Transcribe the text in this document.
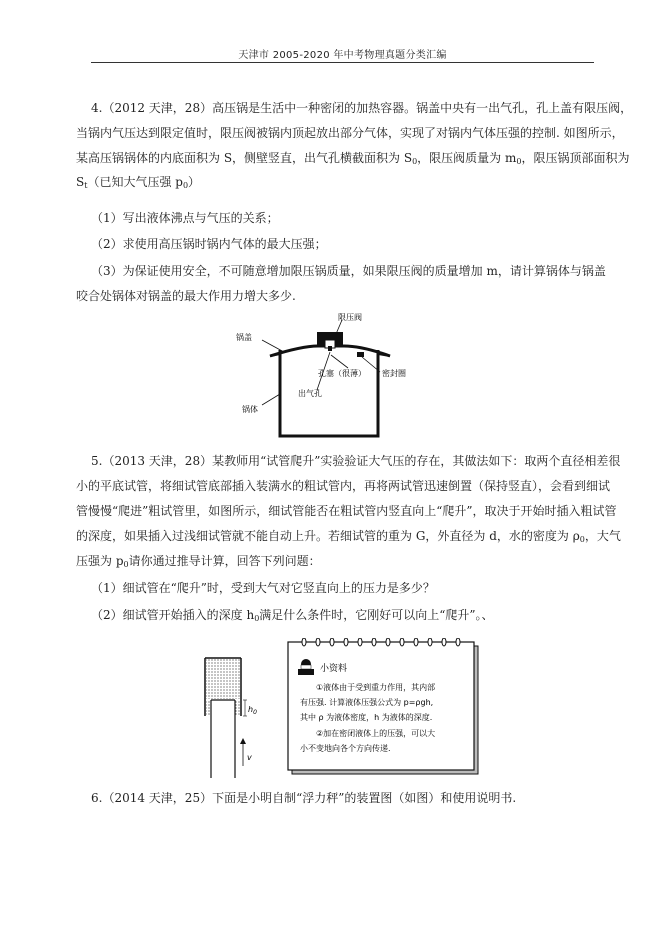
天津市 2005-2020 年中考物理真题分类汇编
4.（2012 天津，28）高压锅是生活中一种密闭的加热容器。锅盖中央有一出气孔，孔上盖有限压阀，
当锅内气压达到限定值时，限压阀被锅内顶起放出部分气体，实现了对锅内气体压强的控制. 如图所示，
某高压锅锅体的内底面积为 S，侧壁竖直，出气孔横截面积为 $S_0$，限压阀质量为 $m_0$，限压锅顶部面积为
$S_t$（已知大气压强 $p_0$）
（1）写出液体沸点与气压的关系；
（2）求使用高压锅时锅内气体的最大压强；
（3）为保证使用安全，不可随意增加限压锅质量，如果限压阀的质量增加 m，请计算锅体与锅盖
咬合处锅体对锅盖的最大作用力增大多少.
锅盖
限压阀
孔塞（很薄）
出气孔
密封圈
锅体
5.（2013 天津，28）某教师用“试管爬升”实验验证大气压的存在，其做法如下：取两个直径相差很
小的平底试管，将细试管底部插入装满水的粗试管内，再将两试管迅速倒置（保持竖直），会看到细试
管慢慢“爬进”粗试管里，如图所示，细试管能否在粗试管内竖直向上“爬升”，取决于开始时插入粗试管
的深度，如果插入过浅细试管就不能自动上升。若细试管的重为 G，外直径为 d，水的密度为 $\rho_0$，大气
压强为 $p_0$请你通过推导计算，回答下列问题：
（1）细试管在“爬升”时，受到大气对它竖直向上的压力是多少？
（2）细试管开始插入的深度 $h_0$满足什么条件时，它刚好可以向上“爬升”。、
$h_0$
v
小资料
①液体由于受到重力作用，其内部
有压强. 计算液体压强公式为 p=ρgh,
其中 ρ 为液体密度，h 为液体的深度.
②加在密闭液体上的压强，可以大
小不变地向各个方向传递.
6.（2014 天津，25）下面是小明自制“浮力秤”的装置图（如图）和使用说明书.
